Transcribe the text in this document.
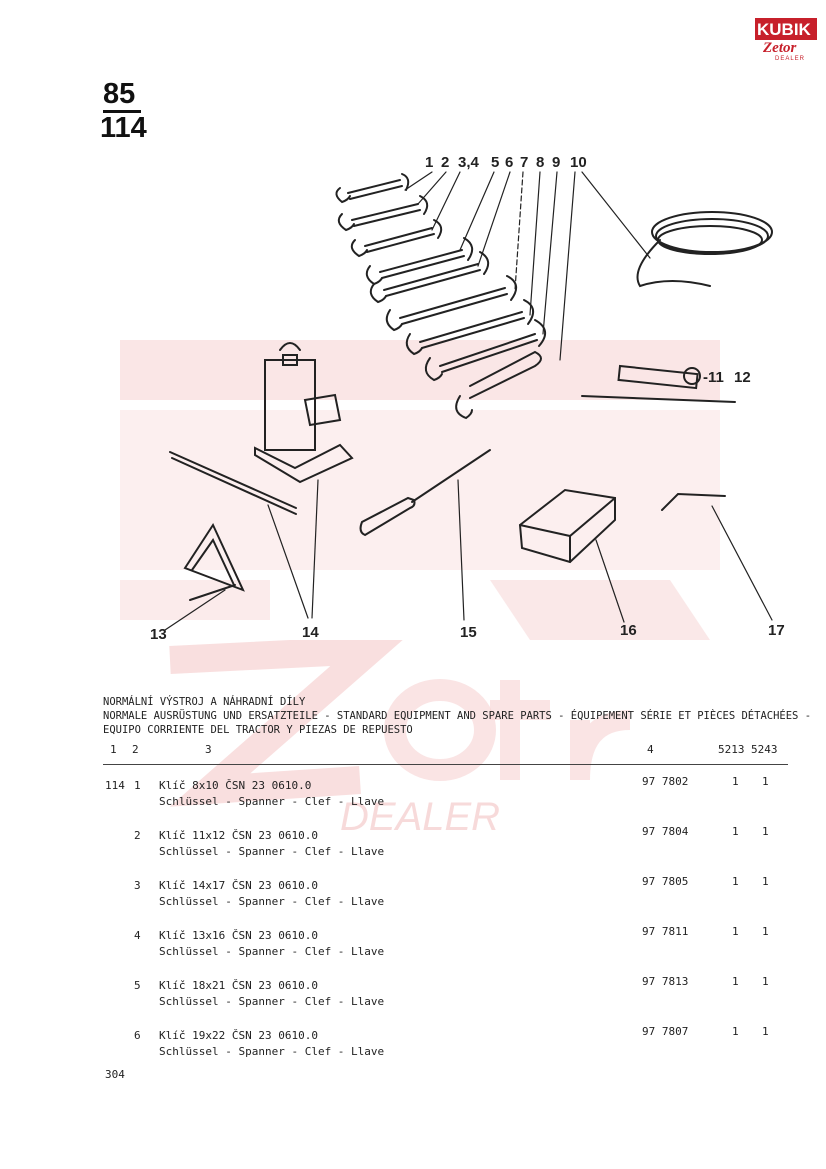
DEALER
85
114
KUBIK
Zetor
DEALER
1 2 3,4 5 6 7 8 9 10
-11 12
13	14	15	16	17
NORMÁLNÍ VÝSTROJ A NÁHRADNÍ DÍLY
NORMALE AUSRÜSTUNG UND ERSATZTEILE - STANDARD EQUIPMENT AND SPARE PARTS - ÉQUIPEMENT SÉRIE ET PIÈCES DÉTACHÉES -
EQUIPO CORRIENTE DEL TRACTOR Y PIEZAS DE REPUESTO
1 2	3	4	5213 5243
114 1 Klíč 8x10 ČSN 23 0610.0
Schlüssel - Spanner - Clef - Llave
97 7802	1 1
2 Klíč 11x12 ČSN 23 0610.0
Schlüssel - Spanner - Clef - Llave
97 7804	1 1
3 Klíč 14x17 ČSN 23 0610.0
Schlüssel - Spanner - Clef - Llave
97 7805	1 1
4 Klíč 13x16 ČSN 23 0610.0
Schlüssel - Spanner - Clef - Llave
97 7811	1 1
5 Klíč 18x21 ČSN 23 0610.0
Schlüssel - Spanner - Clef - Llave
97 7813	1 1
6 Klíč 19x22 ČSN 23 0610.0
Schlüssel - Spanner - Clef - Llave
97 7807	1 1
304
